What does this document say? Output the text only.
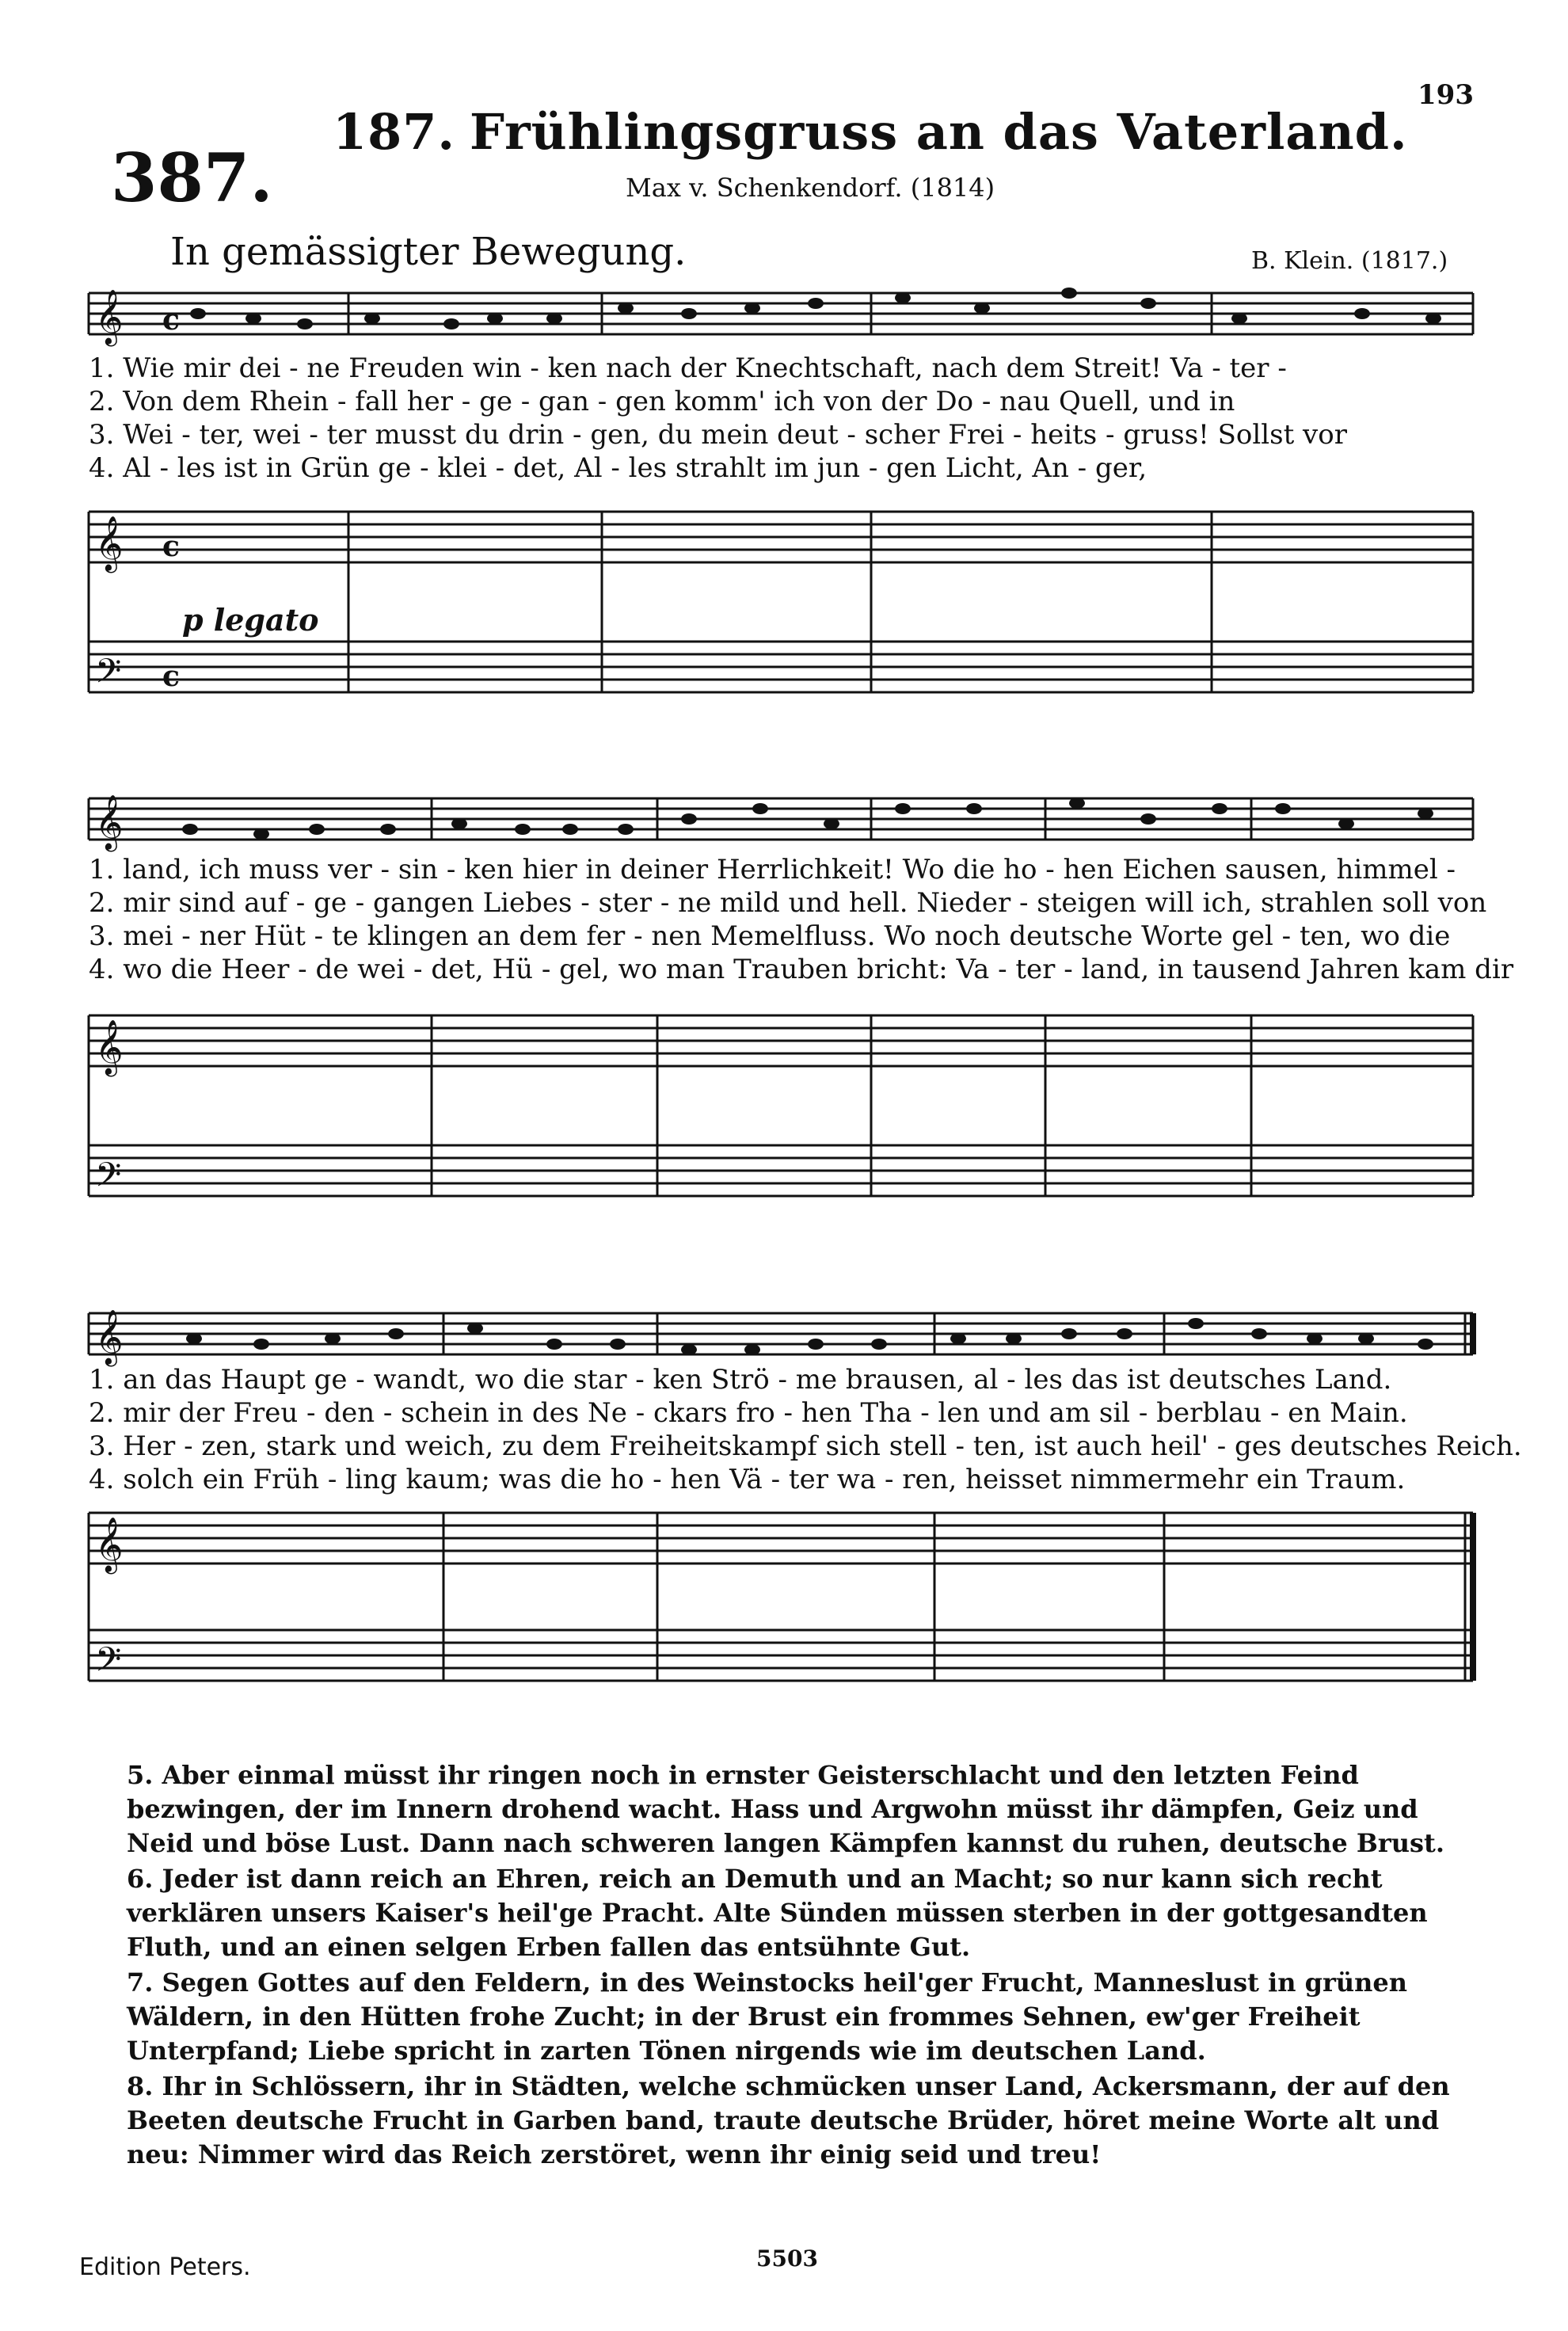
387.
193
187. Frühlingsgruss an das Vaterland.
Max v. Schenkendorf. (1814)
In gemässigter Bewegung.	B. Klein. (1817.)
p legato
𝄞
𝄞
𝄢
c
c
c
1. Wie mir dei - ne Freuden win - ken nach der Knechtschaft, nach dem Streit! Va - ter -
2. Von dem Rhein - fall her - ge - gan - gen komm' ich von der Do - nau Quell, und in
3. Wei - ter, wei - ter musst du drin - gen, du mein deut - scher Frei - heits - gruss! Sollst vor
4. Al - les ist in Grün ge - klei - det, Al - les strahlt im jun - gen Licht, An - ger,
𝄞
𝄞
𝄢
1. land, ich muss ver - sin - ken hier in deiner Herrlichkeit! Wo die ho - hen Eichen sausen, himmel -
2. mir sind auf - ge - gangen Liebes - ster - ne mild und hell. Nieder - steigen will ich, strahlen soll von
3. mei - ner Hüt - te klingen an dem fer - nen Memelfluss. Wo noch deutsche Worte gel - ten, wo die
4. wo die Heer - de wei - det, Hü - gel, wo man Trauben bricht: Va - ter - land, in tausend Jahren kam dir
𝄞
𝄞
𝄢
1. an das Haupt ge - wandt, wo die star - ken Strö - me brausen, al - les das ist deutsches Land.
2. mir der Freu - den - schein in des Ne - ckars fro - hen Tha - len und am sil - berblau - en Main.
3. Her - zen, stark und weich, zu dem Freiheitskampf sich stell - ten, ist auch heil' - ges deutsches Reich.
4. solch ein Früh - ling kaum; was die ho - hen Vä - ter wa - ren, heisset nimmermehr ein Traum.

5. Aber einmal müsst ihr ringen noch in ernster Geisterschlacht und den letzten Feind bezwingen, der im Innern drohend wacht. Hass und Argwohn müsst ihr dämpfen, Geiz und Neid und böse Lust. Dann nach schweren langen Kämpfen kannst du ruhen, deutsche Brust.

6. Jeder ist dann reich an Ehren, reich an Demuth und an Macht; so nur kann sich recht verklären unsers Kaiser's heil'ge Pracht. Alte Sünden müssen sterben in der gottgesandten Fluth, und an einen selgen Erben fallen das entsühnte Gut.

7. Segen Gottes auf den Feldern, in des Weinstocks heil'ger Frucht, Manneslust in grünen Wäldern, in den Hütten frohe Zucht; in der Brust ein frommes Sehnen, ew'ger Freiheit Unterpfand; Liebe spricht in zarten Tönen nirgends wie im deutschen Land.

8. Ihr in Schlössern, ihr in Städten, welche schmücken unser Land, Ackersmann, der auf den Beeten deutsche Frucht in Garben band, traute deutsche Brüder, höret meine Worte alt und neu: Nimmer wird das Reich zerstöret, wenn ihr einig seid und treu!

Edition Peters.	5503
